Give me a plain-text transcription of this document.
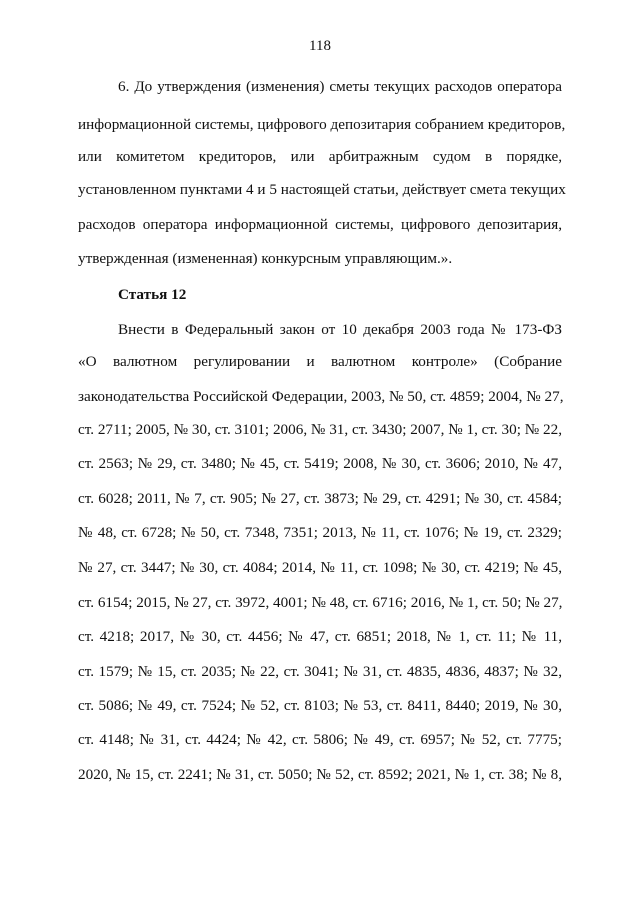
118
6. До утверждения (изменения) сметы текущих расходов оператора
информационной системы, цифрового депозитария собранием кредиторов,
или комитетом кредиторов, или арбитражным судом в порядке,
установленном пунктами 4 и 5 настоящей статьи, действует смета текущих
расходов оператора информационной системы, цифрового депозитария,
утвержденная (измененная) конкурсным управляющим.».
Статья 12
Внести в Федеральный закон от 10 декабря 2003 года № 173-ФЗ
«О валютном регулировании и валютном контроле» (Собрание
законодательства Российской Федерации, 2003, № 50, ст. 4859; 2004, № 27,
ст. 2711; 2005, № 30, ст. 3101; 2006, № 31, ст. 3430; 2007, № 1, ст. 30; № 22,
ст. 2563; № 29, ст. 3480; № 45, ст. 5419; 2008, № 30, ст. 3606; 2010, № 47,
ст. 6028; 2011, № 7, ст. 905; № 27, ст. 3873; № 29, ст. 4291; № 30, ст. 4584;
№ 48, ст. 6728; № 50, ст. 7348, 7351; 2013, № 11, ст. 1076; № 19, ст. 2329;
№ 27, ст. 3447; № 30, ст. 4084; 2014, № 11, ст. 1098; № 30, ст. 4219; № 45,
ст. 6154; 2015, № 27, ст. 3972, 4001; № 48, ст. 6716; 2016, № 1, ст. 50; № 27,
ст. 4218; 2017, № 30, ст. 4456; № 47, ст. 6851; 2018, № 1, ст. 11; № 11,
ст. 1579; № 15, ст. 2035; № 22, ст. 3041; № 31, ст. 4835, 4836, 4837; № 32,
ст. 5086; № 49, ст. 7524; № 52, ст. 8103; № 53, ст. 8411, 8440; 2019, № 30,
ст. 4148; № 31, ст. 4424; № 42, ст. 5806; № 49, ст. 6957; № 52, ст. 7775;
2020, № 15, ст. 2241; № 31, ст. 5050; № 52, ст. 8592; 2021, № 1, ст. 38; № 8,
